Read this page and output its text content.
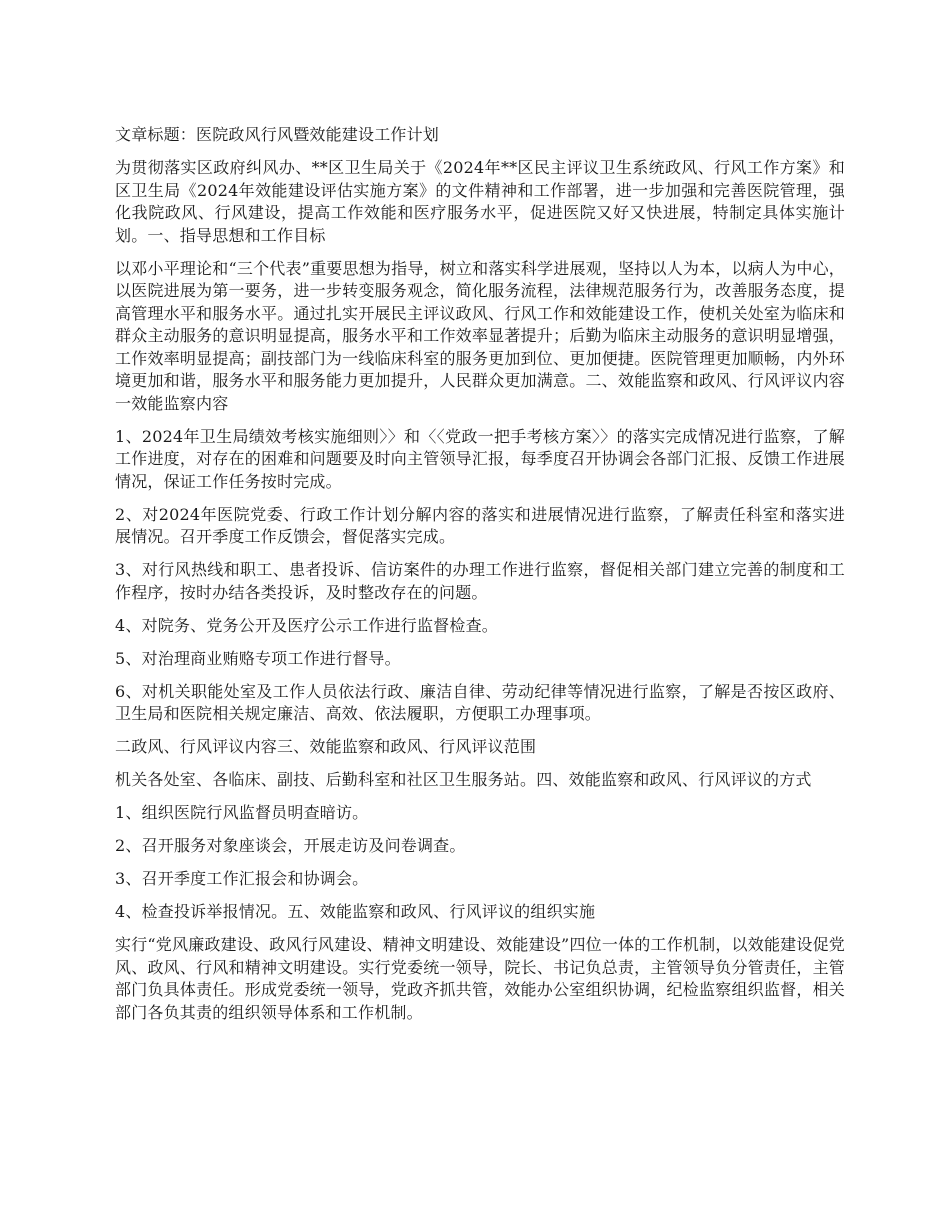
文章标题：医院政风行风暨效能建设工作计划

为贯彻落实区政府纠风办、**区卫生局关于《2024年**区民主评议卫生系统政风、行风工作方案》和区卫生局《2024年效能建设评估实施方案》的文件精神和工作部署，进一步加强和完善医院管理，强化我院政风、行风建设，提高工作效能和医疗服务水平，促进医院又好又快进展，特制定具体实施计划。一、指导思想和工作目标

以邓小平理论和“三个代表”重要思想为指导，树立和落实科学进展观，坚持以人为本，以病人为中心，以医院进展为第一要务，进一步转变服务观念，简化服务流程，法律规范服务行为，改善服务态度，提高管理水平和服务水平。通过扎实开展民主评议政风、行风工作和效能建设工作，使机关处室为临床和群众主动服务的意识明显提高，服务水平和工作效率显著提升；后勤为临床主动服务的意识明显增强，工作效率明显提高；副技部门为一线临床科室的服务更加到位、更加便捷。医院管理更加顺畅，内外环境更加和谐，服务水平和服务能力更加提升，人民群众更加满意。二、效能监察和政风、行风评议内容一效能监察内容

1、2024年卫生局绩效考核实施细则〉〉和〈〈党政一把手考核方案〉〉的落实完成情况进行监察，了解工作进度，对存在的困难和问题要及时向主管领导汇报，每季度召开协调会各部门汇报、反馈工作进展情况，保证工作任务按时完成。

2、对2024年医院党委、行政工作计划分解内容的落实和进展情况进行监察，了解责任科室和落实进展情况。召开季度工作反馈会，督促落实完成。

3、对行风热线和职工、患者投诉、信访案件的办理工作进行监察，督促相关部门建立完善的制度和工作程序，按时办结各类投诉，及时整改存在的问题。

4、对院务、党务公开及医疗公示工作进行监督检查。

5、对治理商业贿赂专项工作进行督导。

6、对机关职能处室及工作人员依法行政、廉洁自律、劳动纪律等情况进行监察，了解是否按区政府、卫生局和医院相关规定廉洁、高效、依法履职，方便职工办理事项。

二政风、行风评议内容三、效能监察和政风、行风评议范围

机关各处室、各临床、副技、后勤科室和社区卫生服务站。四、效能监察和政风、行风评议的方式

1、组织医院行风监督员明查暗访。

2、召开服务对象座谈会，开展走访及问卷调查。

3、召开季度工作汇报会和协调会。

4、检查投诉举报情况。五、效能监察和政风、行风评议的组织实施

实行“党风廉政建设、政风行风建设、精神文明建设、效能建设”四位一体的工作机制，以效能建设促党风、政风、行风和精神文明建设。实行党委统一领导，院长、书记负总责，主管领导负分管责任，主管部门负具体责任。形成党委统一领导，党政齐抓共管，效能办公室组织协调，纪检监察组织监督，相关部门各负其责的组织领导体系和工作机制。
